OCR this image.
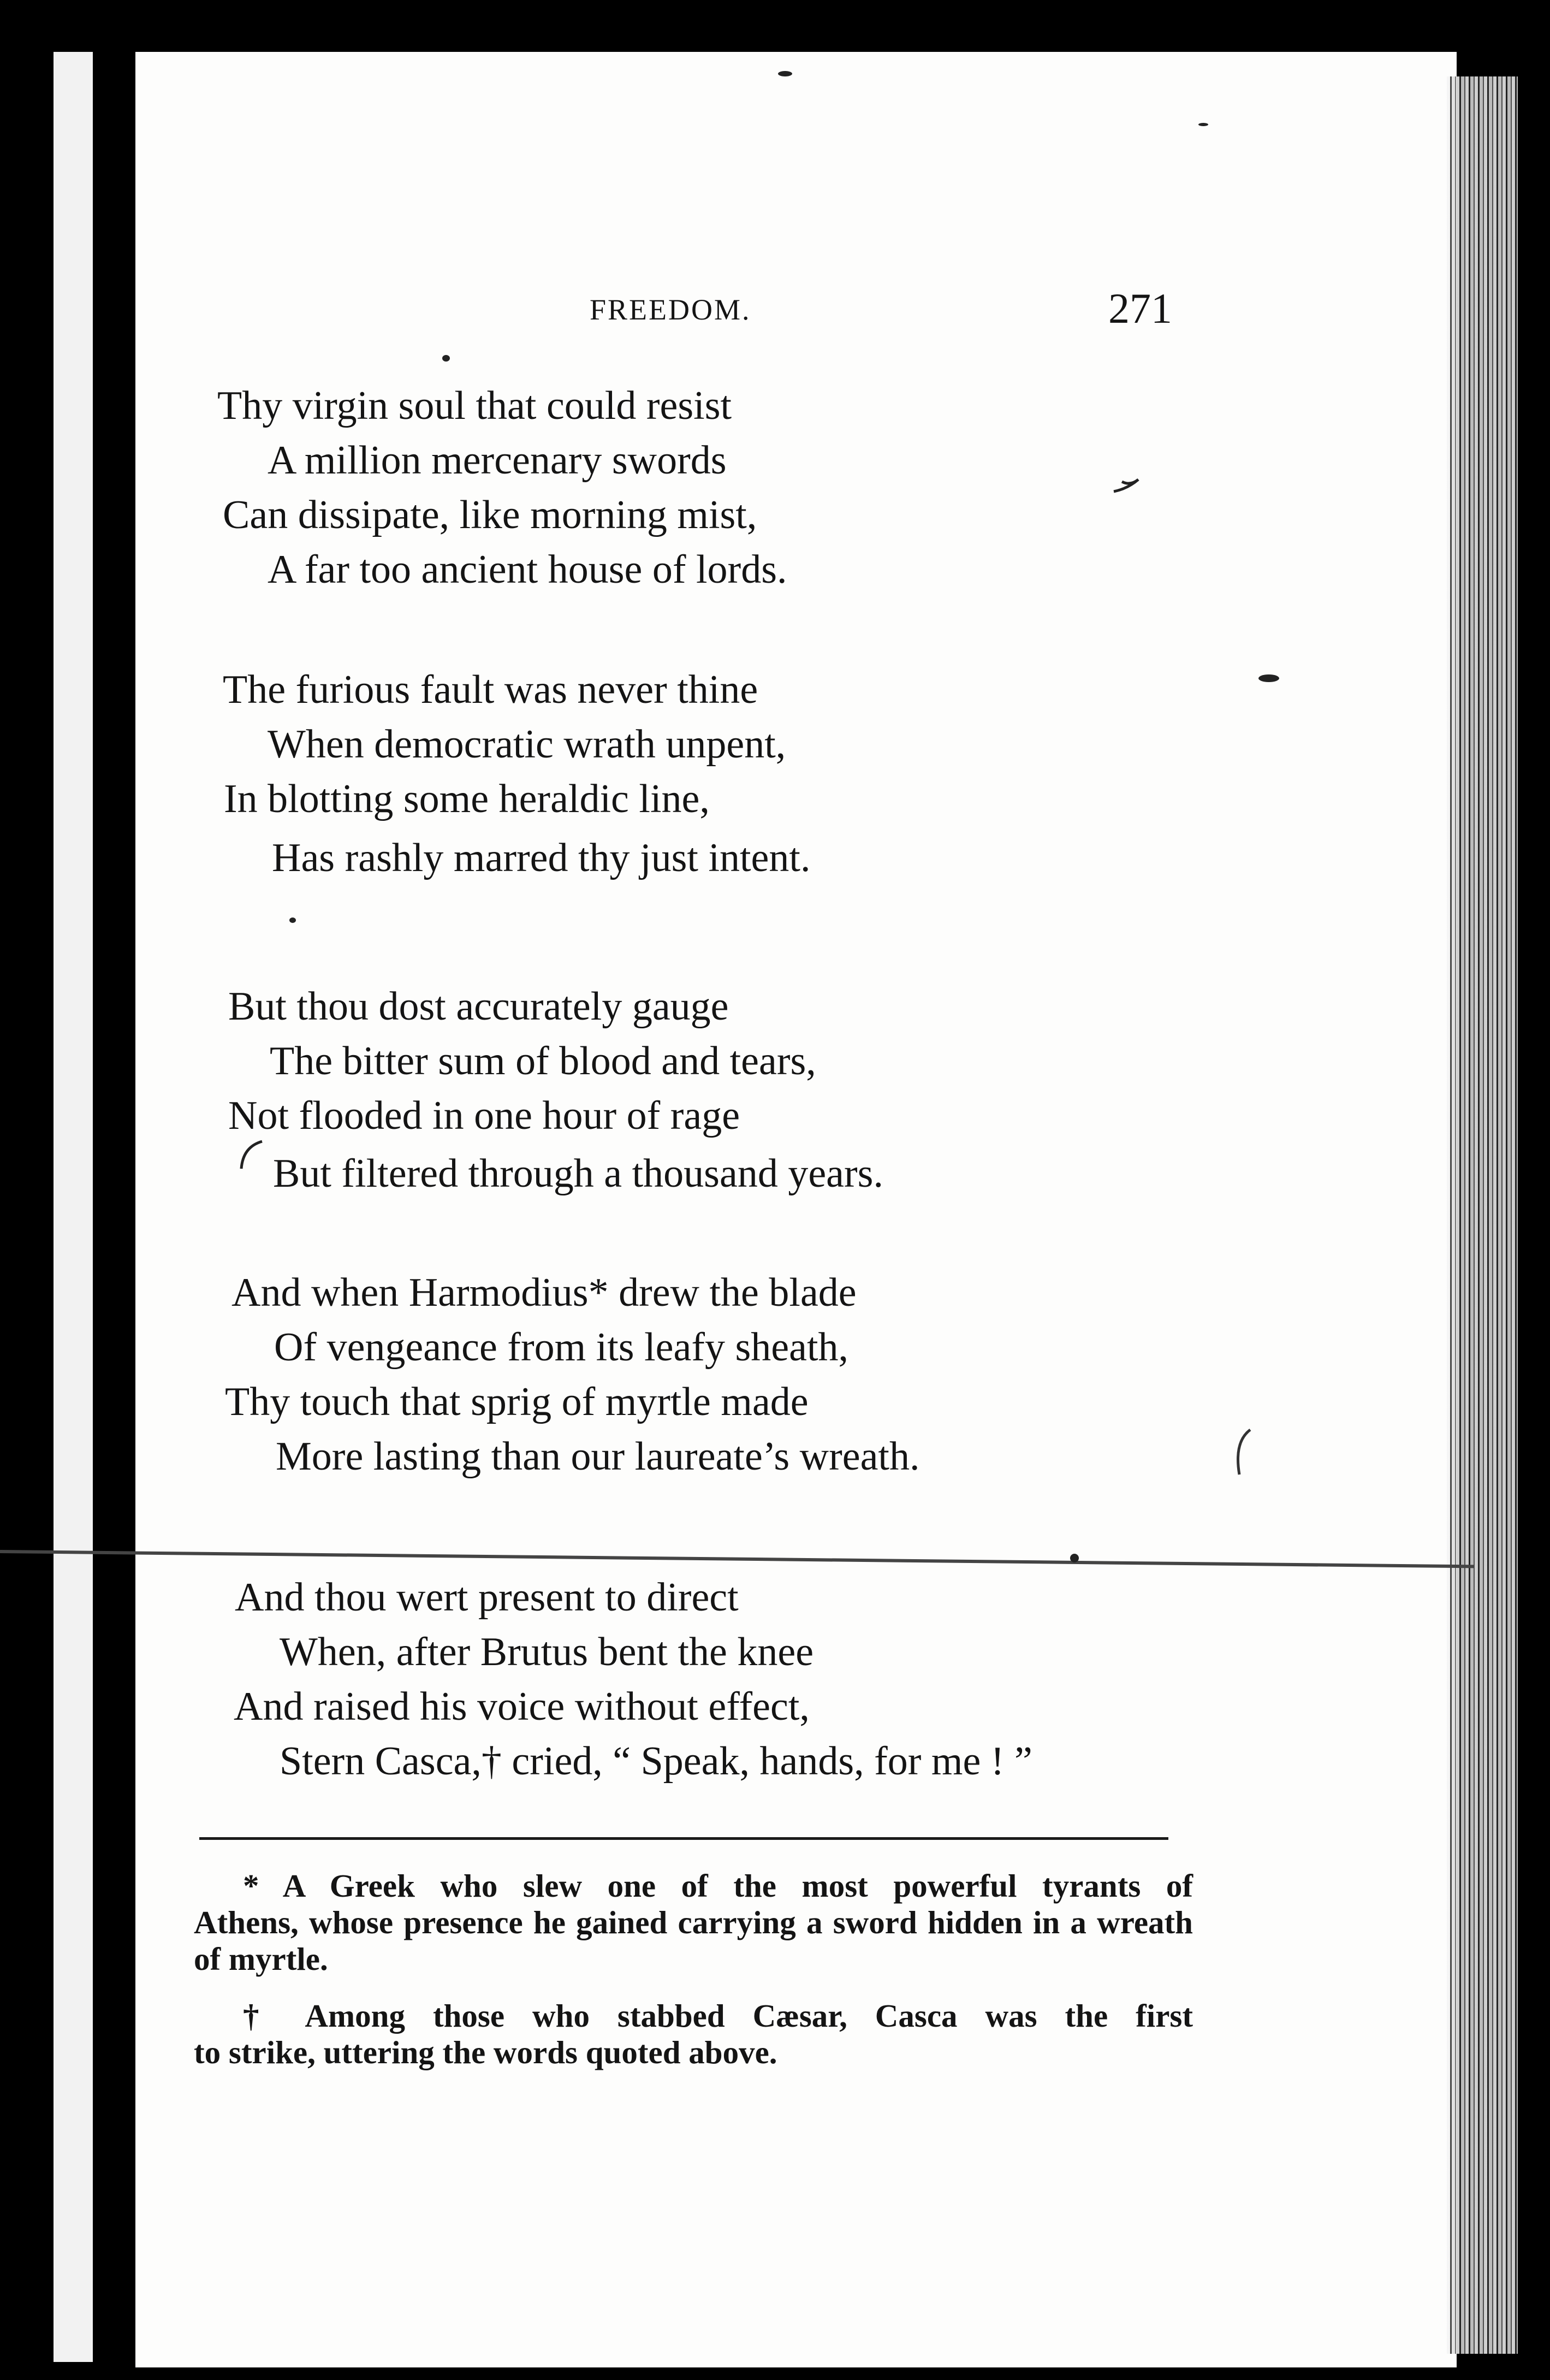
FREEDOM.	271
Thy virgin soul that could resist
A million mercenary swords
Can dissipate, like morning mist,
A far too ancient house of lords.
The furious fault was never thine
When democratic wrath unpent,
In blotting some heraldic line,
Has rashly marred thy just intent.
But thou dost accurately gauge
The bitter sum of blood and tears,
Not flooded in one hour of rage
But filtered through a thousand years.
And when Harmodius* drew the blade
Of vengeance from its leafy sheath,
Thy touch that sprig of myrtle made
More lasting than our laureate’s wreath.
And thou wert present to direct
When, after Brutus bent the knee
And raised his voice without effect,
Stern Casca,† cried, “ Speak, hands, for me ! ”
* A Greek who slew one of the most powerful tyrants of
Athens, whose presence he gained carrying a sword hidden in a wreath of myrtle.
† Among those who stabbed Cæsar, Casca was the first
to strike, uttering the words quoted above.
